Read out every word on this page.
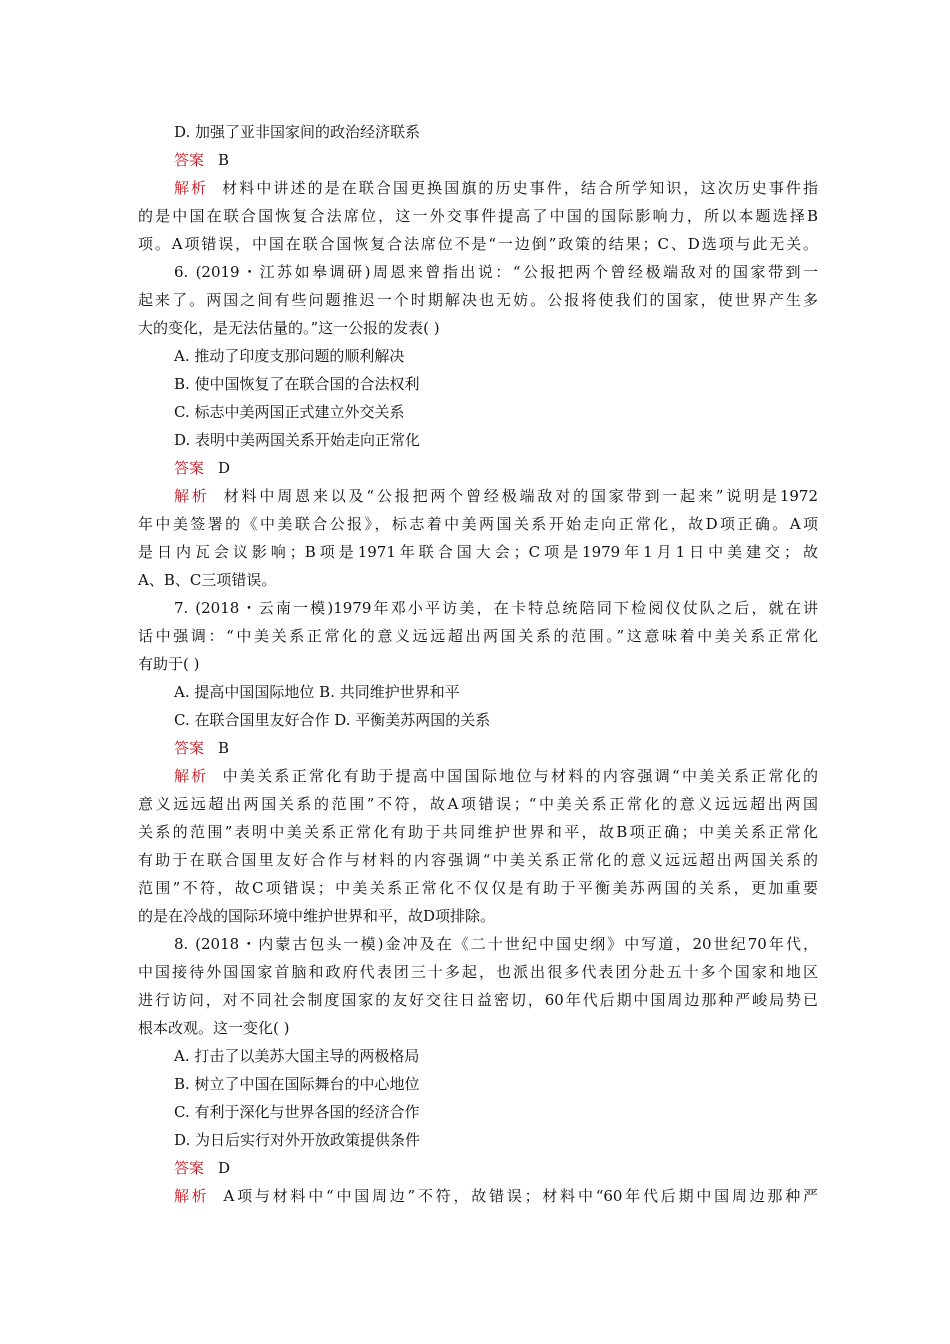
D. 加强了亚非国家间的政治经济联系
答案 B
解析 材料中讲述的是在联合国更换国旗的历史事件，结合所学知识，这次历史事件指
的是中国在联合国恢复合法席位，这一外交事件提高了中国的国际影响力，所以本题选择B
项。A项错误，中国在联合国恢复合法席位不是“一边倒”政策的结果；C、D选项与此无关。
6. (2019・江苏如皋调研)周恩来曾指出说：“公报把两个曾经极端敌对的国家带到一
起来了。两国之间有些问题推迟一个时期解决也无妨。公报将使我们的国家，使世界产生多
大的变化，是无法估量的。”这一公报的发表( )
A. 推动了印度支那问题的顺利解决
B. 使中国恢复了在联合国的合法权利
C. 标志中美两国正式建立外交关系
D. 表明中美两国关系开始走向正常化
答案 D
解析 材料中周恩来以及“公报把两个曾经极端敌对的国家带到一起来”说明是1972
年中美签署的《中美联合公报》，标志着中美两国关系开始走向正常化，故D项正确。A项
是日内瓦会议影响；B项是1971年联合国大会；C项是1979年1月1日中美建交；故
A、B、C三项错误。
7. (2018・云南一模)1979年邓小平访美，在卡特总统陪同下检阅仪仗队之后，就在讲
话中强调：“中美关系正常化的意义远远超出两国关系的范围。”这意味着中美关系正常化
有助于( )
A. 提高中国国际地位 B. 共同维护世界和平
C. 在联合国里友好合作 D. 平衡美苏两国的关系
答案 B
解析 中美关系正常化有助于提高中国国际地位与材料的内容强调“中美关系正常化的
意义远远超出两国关系的范围”不符，故A项错误；“中美关系正常化的意义远远超出两国
关系的范围”表明中美关系正常化有助于共同维护世界和平，故B项正确；中美关系正常化
有助于在联合国里友好合作与材料的内容强调“中美关系正常化的意义远远超出两国关系的
范围”不符，故C项错误；中美关系正常化不仅仅是有助于平衡美苏两国的关系，更加重要
的是在冷战的国际环境中维护世界和平，故D项排除。
8. (2018・内蒙古包头一模)金冲及在《二十世纪中国史纲》中写道，20世纪70年代，
中国接待外国国家首脑和政府代表团三十多起，也派出很多代表团分赴五十多个国家和地区
进行访问，对不同社会制度国家的友好交往日益密切，60年代后期中国周边那种严峻局势已
根本改观。这一变化( )
A. 打击了以美苏大国主导的两极格局
B. 树立了中国在国际舞台的中心地位
C. 有利于深化与世界各国的经济合作
D. 为日后实行对外开放政策提供条件
答案 D
解析 A项与材料中“中国周边”不符，故错误；材料中“60年代后期中国周边那种严
